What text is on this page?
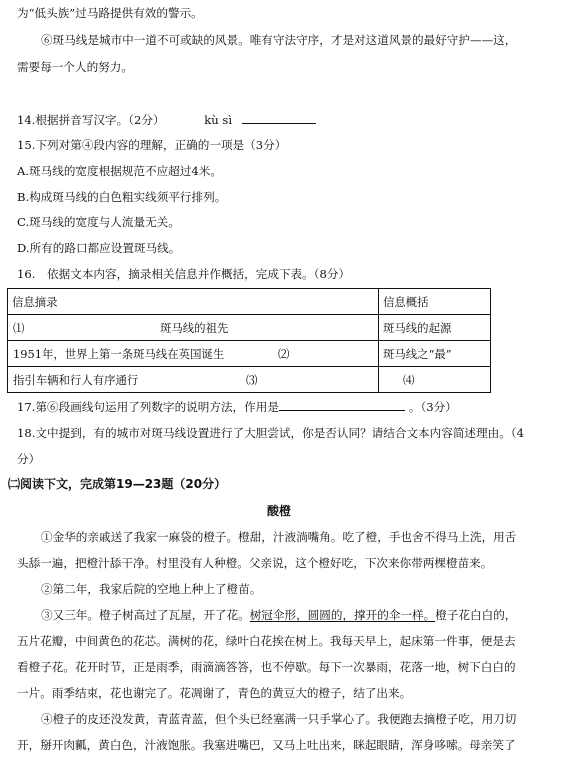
为“低头族”过马路提供有效的警示。
⑥斑马线是城市中一道不可或缺的风景。唯有守法守序，才是对这道风景的最好守护——这，
需要每一个人的努力。
14.根据拼音写汉字。（2分）	kù sì
15.下列对第④段内容的理解，正确的一项是（3分）
A.斑马线的宽度根据规范不应超过4米。
B.构成斑马线的白色粗实线须平行排列。
C.斑马线的宽度与人流量无关。
D.所有的路口都应设置斑马线。
16.　依据文本内容，摘录相关信息并作概括，完成下表。（8分）
信息摘录	信息概括

⑴ 斑马线的祖先	斑马线的起源

1951年，世界上第一条斑马线在英国诞生 ⑵	斑马线之“最”

指引车辆和行人有序通行 ⑶	⑷
17.第⑥段画线句运用了列数字的说明方法，作用是	。（3分）
18.文中提到，有的城市对斑马线设置进行了大胆尝试，你是否认同？请结合文本内容简述理由。（4
分）
㈡阅读下文，完成第19—23题（20分）
酸橙
①金华的亲戚送了我家一麻袋的橙子。橙甜，汁液淌嘴角。吃了橙，手也舍不得马上洗，用舌
头舔一遍，把橙汁舔干净。村里没有人种橙。父亲说，这个橙好吃，下次来你带两棵橙苗来。
②第二年，我家后院的空地上种上了橙苗。
③又三年。橙子树高过了瓦屋，开了花。树冠伞形，圆圆的，撑开的伞一样。橙子花白白的，
五片花瓣，中间黄色的花芯。满树的花，绿叶白花挨在树上。我每天早上，起床第一件事，便是去
看橙子花。花开时节，正是雨季，雨滴滴答答，也不停歇。每下一次暴雨，花落一地，树下白白的
一片。雨季结束，花也谢完了。花凋谢了，青色的黄豆大的橙子，结了出来。
④橙子的皮还没发黄，青蓝青蓝，但个头已经塞满一只手掌心了。我便跑去摘橙子吃，用刀切
开，掰开肉瓤，黄白色，汁液饱胀。我塞进嘴巴，又马上吐出来，眯起眼睛，浑身哆嗦。母亲笑了
